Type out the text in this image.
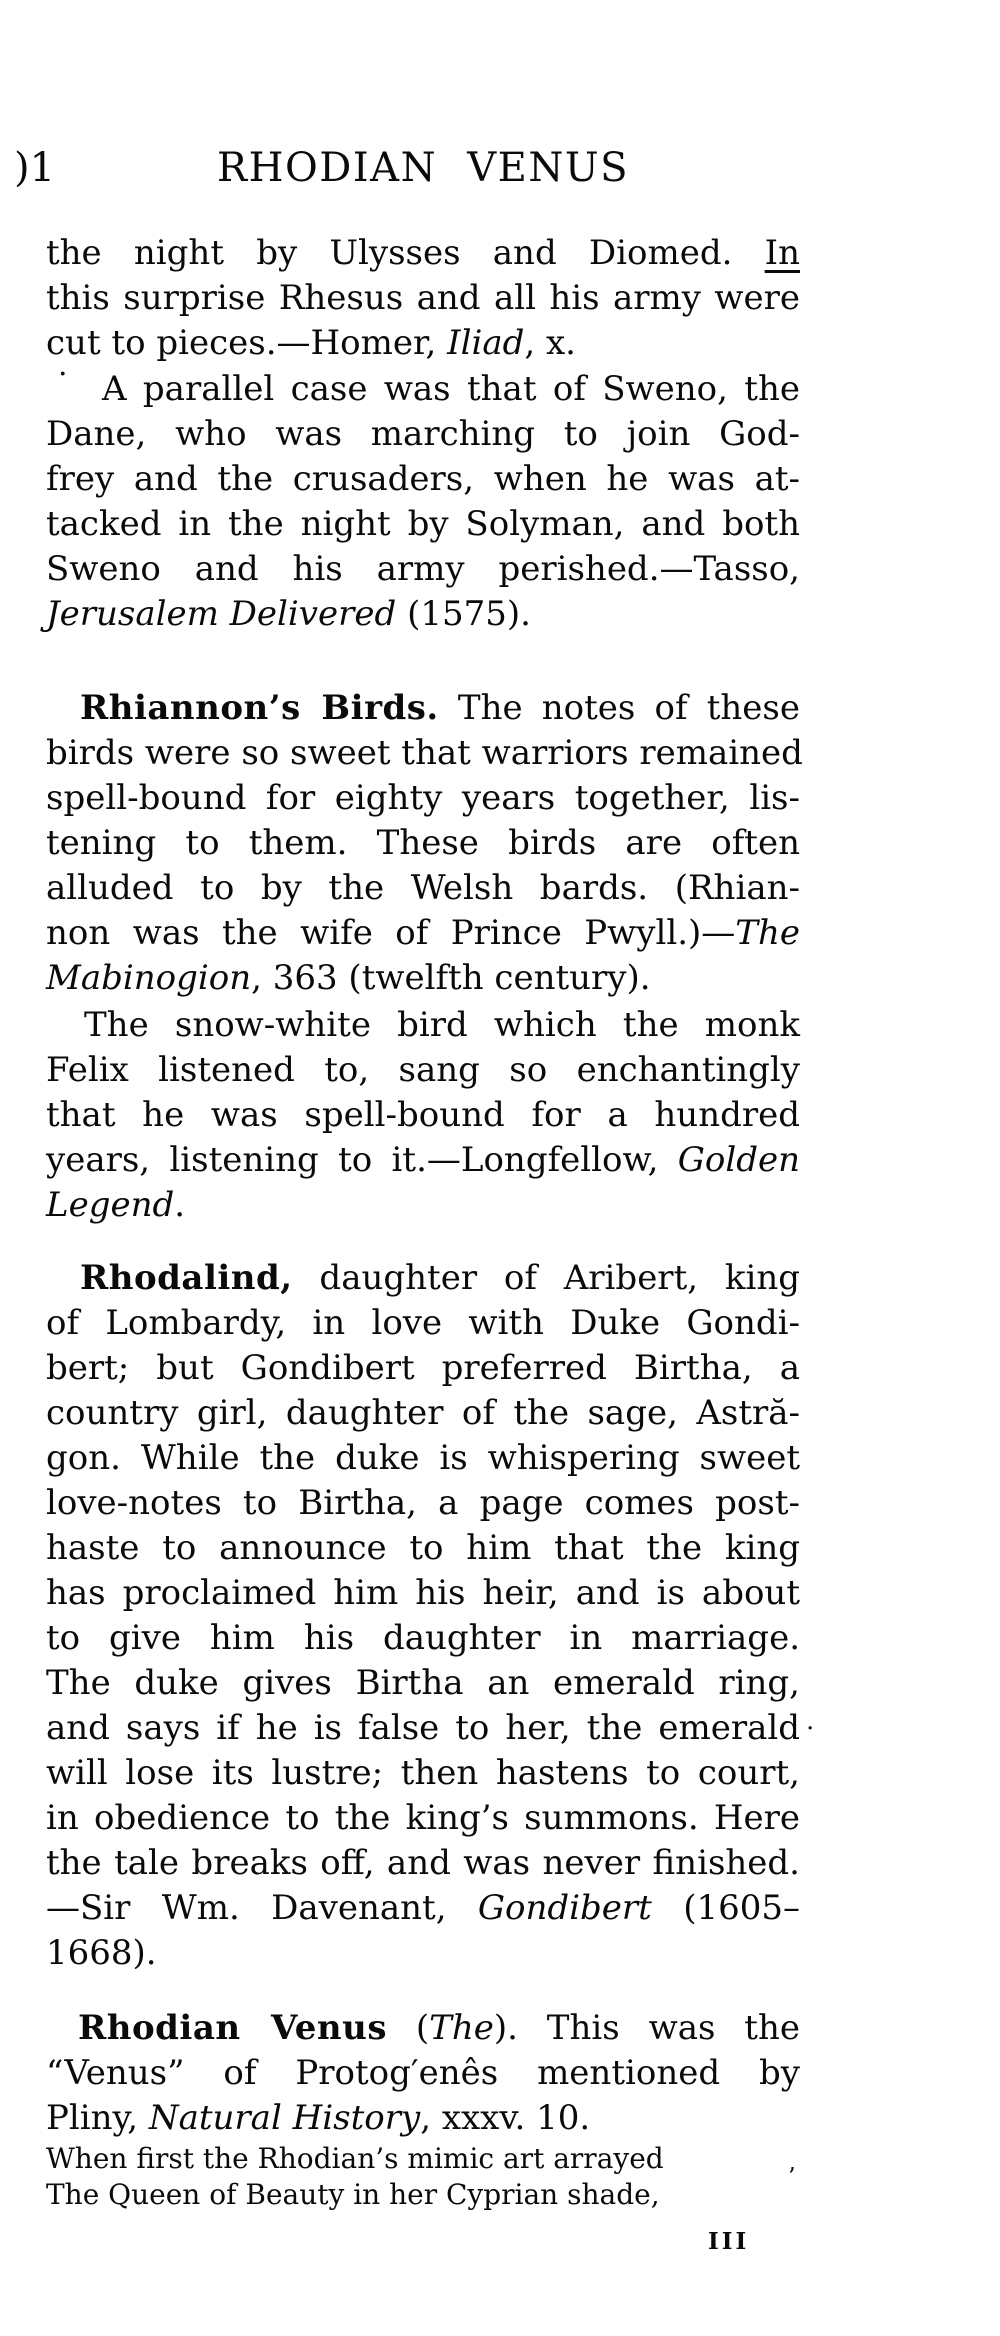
)1	RHODIAN VENUS
the night by Ulysses and Diomed. In
this surprise Rhesus and all his army were
cut to pieces.—Homer, Iliad, x.
A parallel case was that of Sweno, the
Dane, who was marching to join God-
frey and the crusaders, when he was at-
tacked in the night by Solyman, and both
Sweno and his army perished.—Tasso,
Jerusalem Delivered (1575).
Rhiannon’s Birds. The notes of these
birds were so sweet that warriors remained
spell-bound for eighty years together, lis-
tening to them. These birds are often
alluded to by the Welsh bards. (Rhian-
non was the wife of Prince Pwyll.)—The
Mabinogion, 363 (twelfth century).
The snow-white bird which the monk
Felix listened to, sang so enchantingly
that he was spell-bound for a hundred
years, listening to it.—Longfellow, Golden
Legend.
Rhodalind, daughter of Aribert, king
of Lombardy, in love with Duke Gondi-
bert; but Gondibert preferred Birtha, a
country girl, daughter of the sage, Astră-
gon. While the duke is whispering sweet
love-notes to Birtha, a page comes post-
haste to announce to him that the king
has proclaimed him his heir, and is about
to give him his daughter in marriage.
The duke gives Birtha an emerald ring,
and says if he is false to her, the emerald
will lose its lustre; then hastens to court,
in obedience to the king’s summons. Here
the tale breaks off, and was never finished.
—Sir Wm. Davenant, Gondibert (1605–
1668).
Rhodian Venus (The). This was the
“Venus” of Protog′enês mentioned by
Pliny, Natural History, xxxv. 10.
When first the Rhodian’s mimic art arrayed
The Queen of Beauty in her Cyprian shade,
III
·
.
’
